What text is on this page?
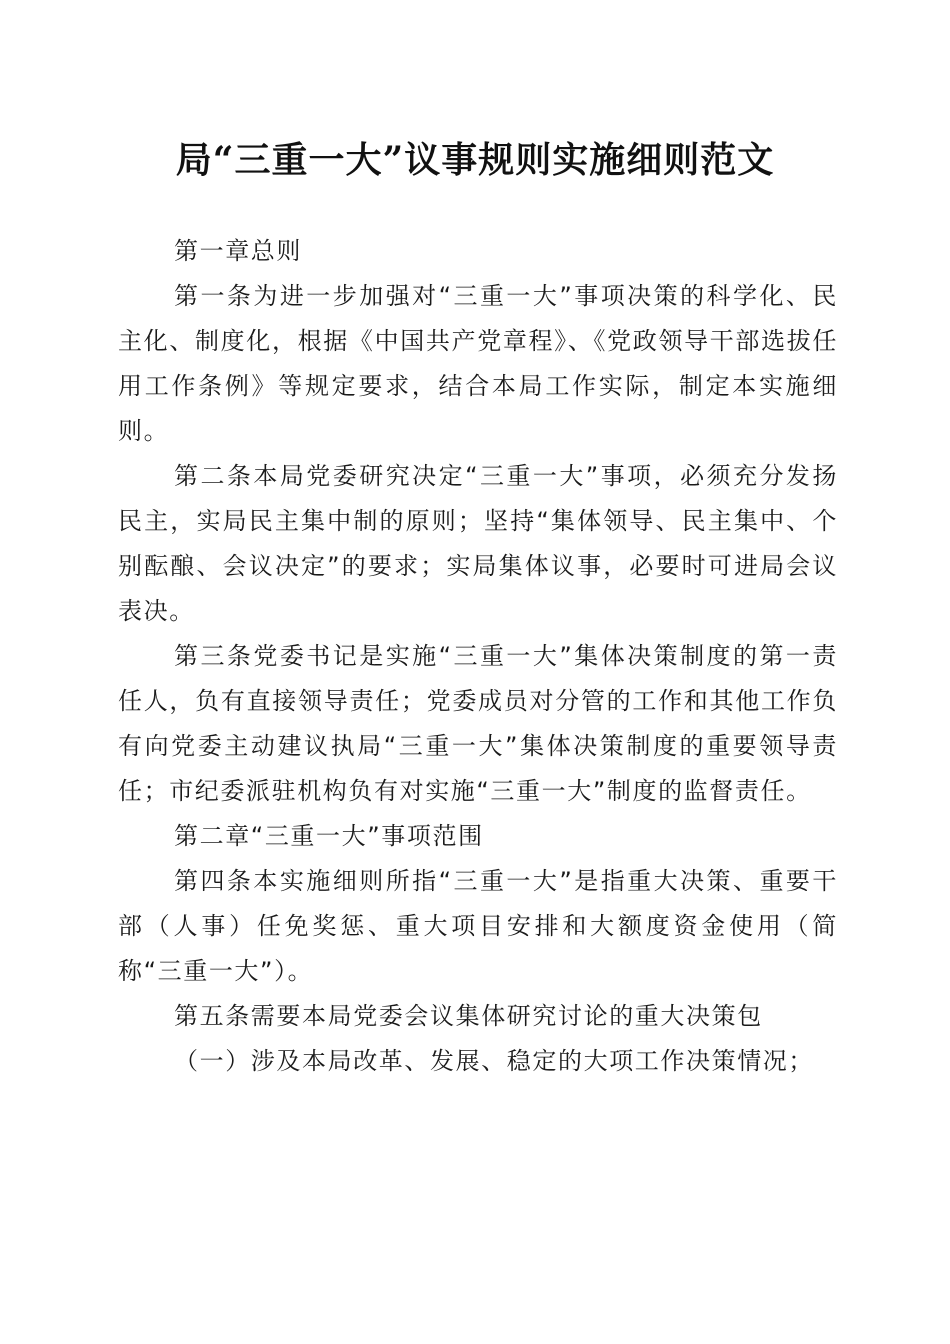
局“三重一大”议事规则实施细则范文

第一章总则

第一条为进一步加强对“三重一大”事项决策的科学化、民主化、制度化，根据《中国共产党章程》、《党政领导干部选拔任用工作条例》等规定要求，结合本局工作实际，制定本实施细则。

第二条本局党委研究决定“三重一大”事项，必须充分发扬民主，实局民主集中制的原则；坚持“集体领导、民主集中、个别酝酿、会议决定”的要求；实局集体议事，必要时可进局会议表决。

第三条党委书记是实施“三重一大”集体决策制度的第一责任人，负有直接领导责任；党委成员对分管的工作和其他工作负有向党委主动建议执局“三重一大”集体决策制度的重要领导责任；市纪委派驻机构负有对实施“三重一大”制度的监督责任。

第二章“三重一大”事项范围

第四条本实施细则所指“三重一大”是指重大决策、重要干部（人事）任免奖惩、重大项目安排和大额度资金使用（简称“三重一大”）。

第五条需要本局党委会议集体研究讨论的重大决策包

（一）涉及本局改革、发展、稳定的大项工作决策情况；
